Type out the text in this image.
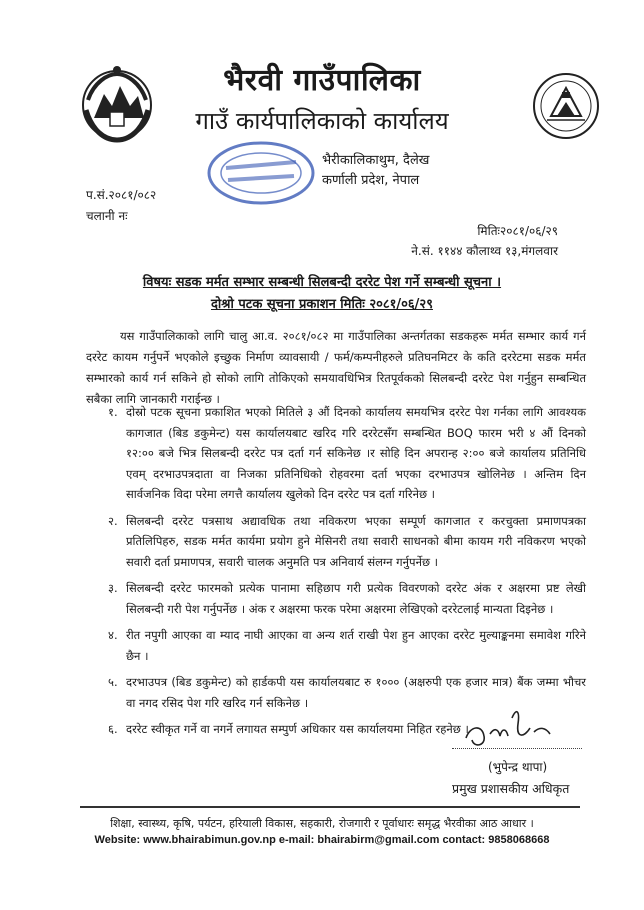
भैरवी गाउँपालिका
गाउँ कार्यपालिकाको कार्यालय
भैरीकालिकाथुम, दैलेख
कर्णाली प्रदेश, नेपाल
प.सं.२०८१/०८२
चलानी नः
मितिः२०८१/०६/२९
ने.सं. ११४४ कौलाथ्व १३,मंगलवार
विषयः सडक मर्मत सम्भार सम्बन्धी सिलबन्दी दररेट पेश गर्ने सम्बन्धी सूचना ।
दोश्रो पटक सूचना प्रकाशन मितिः २०८१/०६/२९
यस गाउँपालिकाको लागि चालु आ.व. २०८१/०८२ मा गाउँपालिका अन्तर्गतका सडकहरू मर्मत सम्भार कार्य गर्न दररेट कायम गर्नुपर्ने भएकोले इच्छुक निर्माण व्यावसायी / फर्म/कम्पनीहरुले प्रतिघनमिटर के कति दररेटमा सडक मर्मत सम्भारको कार्य गर्न सकिने हो सोको लागि तोकिएको समयावधिभित्र रितपूर्वकको सिलबन्दी दररेट पेश गर्नुहुन सम्बन्धित सबैका लागि जानकारी गराईन्छ ।
१. दोस्रो पटक सूचना प्रकाशित भएको मितिले ३ औं दिनको कार्यालय समयभित्र दररेट पेश गर्नका लागि आवश्यक कागजात (बिड डकुमेन्ट) यस कार्यालयबाट खरिद गरि दररेटसँग सम्बन्धित BOQ फारम भरी ४ औं दिनको १२:०० बजे भित्र सिलबन्दी दररेट पत्र दर्ता गर्न सकिनेछ ।र सोहि दिन अपरान्ह २:०० बजे कार्यालय प्रतिनिधि एवम् दरभाउपत्रदाता वा निजका प्रतिनिधिको रोहवरमा दर्ता भएका दरभाउपत्र खोलिनेछ । अन्तिम दिन सार्वजनिक विदा परेमा लगत्तै कार्यालय खुलेको दिन दररेट पत्र दर्ता गरिनेछ ।
२. सिलबन्दी दररेट पत्रसाथ अद्यावधिक तथा नविकरण भएका सम्पूर्ण कागजात र करचुक्ता प्रमाणपत्रका प्रतिलिपिहरु, सडक मर्मत कार्यमा प्रयोग हुने मेसिनरी तथा सवारी साधनको बीमा कायम गरी नविकरण भएको सवारी दर्ता प्रमाणपत्र, सवारी चालक अनुमति पत्र अनिवार्य संलग्न गर्नुपर्नेछ ।
३. सिलबन्दी दररेट फारमको प्रत्येक पानामा सहिछाप गरी प्रत्येक विवरणको दररेट अंक र अक्षरमा प्रष्ट लेखी सिलबन्दी गरी पेश गर्नुपर्नेछ । अंक र अक्षरमा फरक परेमा अक्षरमा लेखिएको दररेटलाई मान्यता दिइनेछ ।
४. रीत नपुगी आएका वा म्याद नाघी आएका वा अन्य शर्त राखी पेश हुन आएका दररेट मुल्याङ्कनमा समावेश गरिने छैन ।
५. दरभाउपत्र (बिड डकुमेन्ट) को हार्डकपी यस कार्यालयबाट रु १००० (अक्षरुपी एक हजार मात्र) बैंक जम्मा भौचर वा नगद रसिद पेश गरि खरिद गर्न सकिनेछ ।
६. दररेट स्वीकृत गर्ने वा नगर्ने लगायत सम्पुर्ण अधिकार यस कार्यालयमा निहित रहनेछ ।
(भुपेन्द्र थापा)
प्रमुख प्रशासकीय अधिकृत
शिक्षा, स्वास्थ्य, कृषि, पर्यटन, हरियाली विकास, सहकारी, रोजगारी र पूर्वाधारः समृद्ध भैरवीका आठ आधार ।
Website: www.bhairabimun.gov.np e-mail: bhairabirm@gmail.com contact: 9858068668
